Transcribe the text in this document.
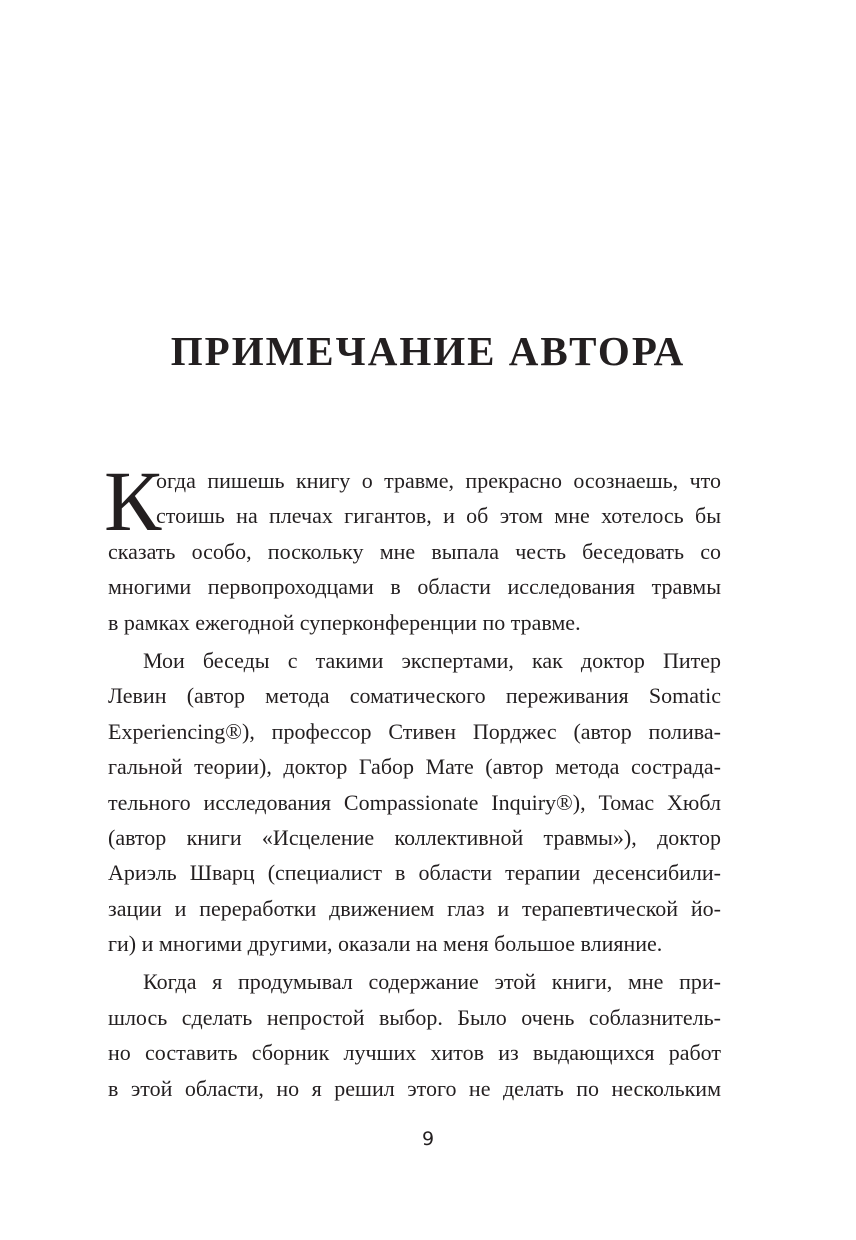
ПРИМЕЧАНИЕ АВТОРА
К
огда пишешь книгу о травме, прекрасно осознаешь, что
стоишь на плечах гигантов, и об этом мне хотелось бы
сказать особо, поскольку мне выпала честь беседовать со
многими первопроходцами в области исследования травмы
в рамках ежегодной суперконференции по травме.
Мои беседы с такими экспертами, как доктор Питер
Левин (автор метода соматического переживания Somatic
Experiencing®), профессор Стивен Порджес (автор полива-
гальной теории), доктор Габор Мате (автор метода сострада-
тельного исследования Compassionate Inquiry®), Томас Хюбл
(автор книги «Исцеление коллективной травмы»), доктор
Ариэль Шварц (специалист в области терапии десенсибили-
зации и переработки движением глаз и терапевтической йо-
ги) и многими другими, оказали на меня большое влияние.
Когда я продумывал содержание этой книги, мне при-
шлось сделать непростой выбор. Было очень соблазнитель-
но составить сборник лучших хитов из выдающихся работ
в этой области, но я решил этого не делать по нескольким
9
